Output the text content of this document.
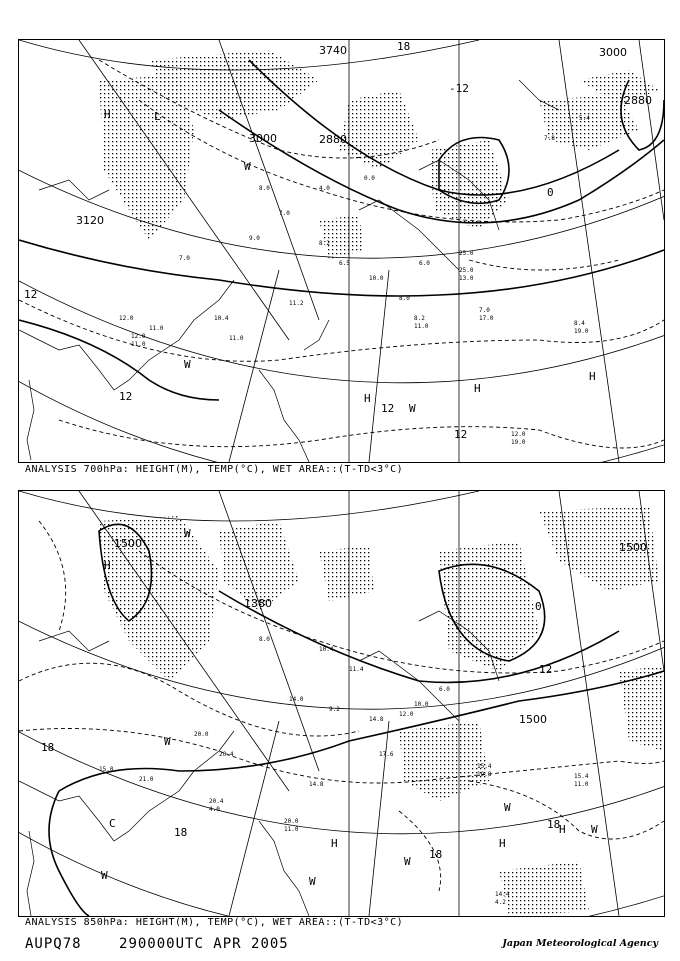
8.0
7.0
9.0
8.2
6.5
10.0
8.0
10.4
11.0
11.2
12.0
11.0
6.0
25.0
7.0
4.0
0.0
5.4
7.8
3000
3000
2880
2880
3120
3740
12
12
12
0
-12
18
12
H
H
H
H
W
W
W
L
7.0
17.0
8.4
19.0
12.0
19.0
12.0
11.0
8.2
11.0
25.0
13.0
ANALYSIS 700hPa: HEIGHT(M), TEMP(°C), WET AREA::(T-TD<3°C)
8.0
10.4
11.4
14.0
9.2
14.8
12.0
10.0
6.0
20.0
20.4
21.0
15.0
14.8
17.6
1500
1500
1500
1380
18
18
18
18
12
0
C
H	H
H
H
W
W
W
W
W
W
W
15.4
19.8	15.4
11.0
14.4
4.2
20.0
11.0
20.4
4.0
ANALYSIS 850hPa: HEIGHT(M), TEMP(°C), WET AREA::(T-TD<3°C)
AUPQ78	290000UTC APR 2005	Japan Meteorological Agency
